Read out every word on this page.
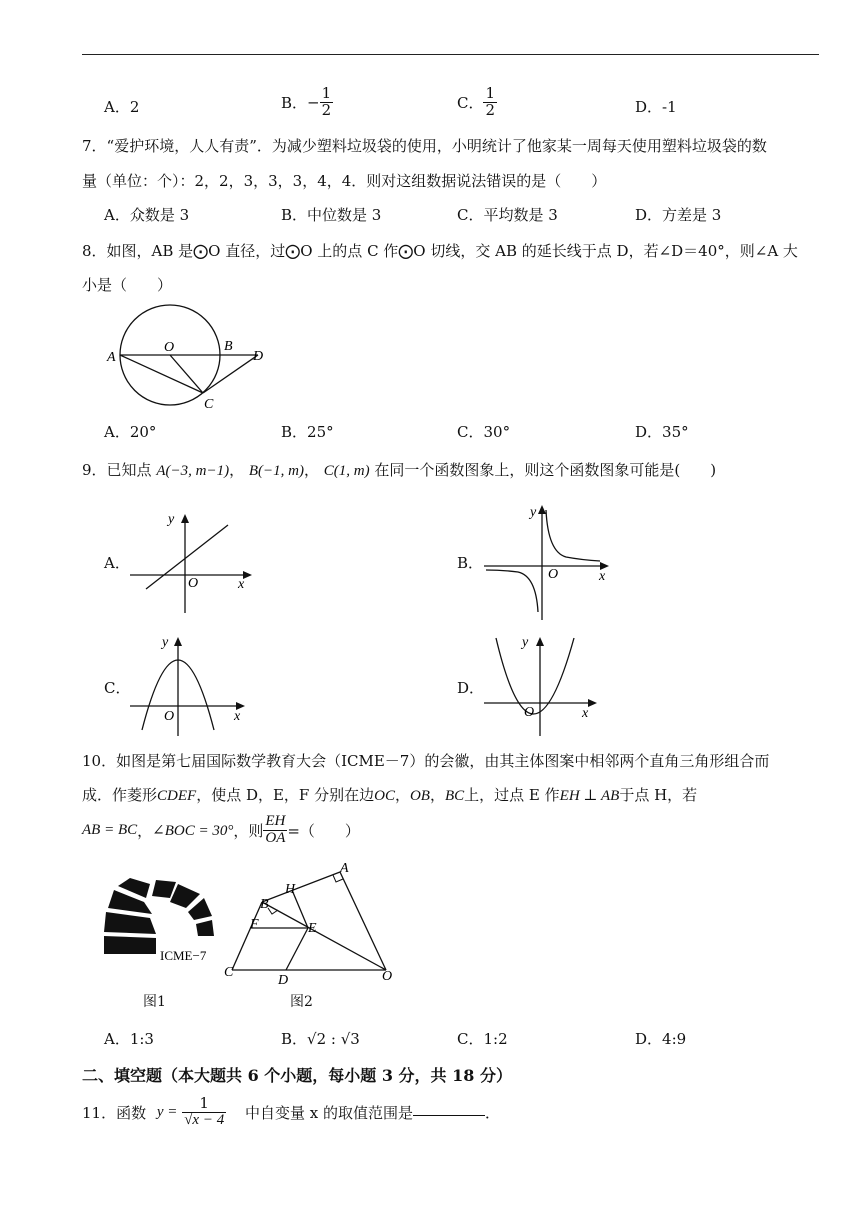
A．2	B．− $\frac{1}{2}$	C． $\frac{1}{2}$	D．-1
7．“爱护环境，人人有责”．为减少塑料垃圾袋的使用，小明统计了他家某一周每天使用塑料垃圾袋的数
量（单位：个）：2，2，3，3，3，4，4．则对这组数据说法错误的是（　　）
A．众数是 3	B．中位数是 3	C．平均数是 3	D．方差是 3
8．如图，AB 是⨀O 直径，过⨀O 上的点 C 作⨀O 切线，交 AB 的延长线于点 D，若∠D＝40°，则∠A 大
小是（　　）
A
O	B
D
C
A．20°	B．25°	C．30°	D．35°
9．已知点 A(−3, m−1)， B(−1, m)， C(1, m) 在同一个函数图象上，则这个函数图象可能是(　　)
A．
y
x
O
B．
y
x
O
C．
y
x
O
D．
y
x
O
10．如图是第七届国际数学教育大会（ICME－7）的会徽，由其主体图案中相邻两个直角三角形组合而
成．作菱形CDEF，使点 D，E，F 分别在边OC，OB，BC上，过点 E 作EH ⊥ AB于点 H，若
AB = BC，∠BOC = 30°，则 $\frac{EH}{OA}$ =（　　）
ICME−7
图1
A
H
B
F	E
C
D	O
图2
A．1:3	B．√2 : √3	C．1:2	D．4:9
二、填空题（本大题共 6 个小题，每小题 3 分，共 18 分）
11．函数 $y = \frac{1}{√x - 4}$ 中自变量 x 的取值范围是	．
